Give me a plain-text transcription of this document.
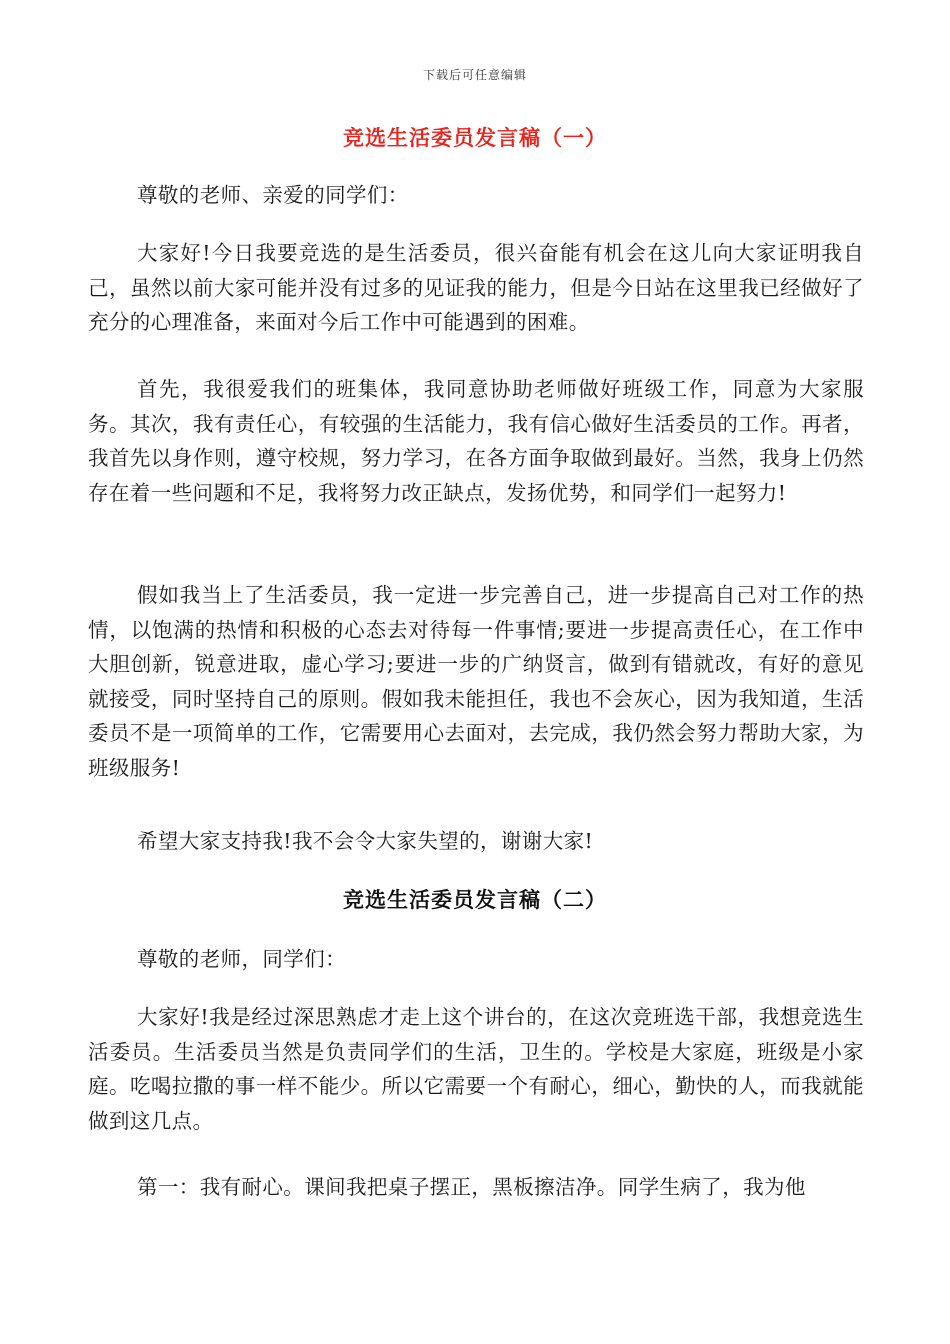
下载后可任意编辑
竞选生活委员发言稿（一）

尊敬的老师、亲爱的同学们：

大家好!今日我要竞选的是生活委员，很兴奋能有机会在这儿向大家证明我自己，虽然以前大家可能并没有过多的见证我的能力，但是今日站在这里我已经做好了充分的心理准备，来面对今后工作中可能遇到的困难。

首先，我很爱我们的班集体，我同意协助老师做好班级工作，同意为大家服务。其次，我有责任心，有较强的生活能力，我有信心做好生活委员的工作。再者，我首先以身作则，遵守校规，努力学习，在各方面争取做到最好。当然，我身上仍然存在着一些问题和不足，我将努力改正缺点，发扬优势，和同学们一起努力!

假如我当上了生活委员，我一定进一步完善自己，进一步提高自己对工作的热情，以饱满的热情和积极的心态去对待每一件事情;要进一步提高责任心，在工作中大胆创新，锐意进取，虚心学习;要进一步的广纳贤言，做到有错就改，有好的意见就接受，同时坚持自己的原则。假如我未能担任，我也不会灰心，因为我知道，生活委员不是一项简单的工作，它需要用心去面对，去完成，我仍然会努力帮助大家，为班级服务!

希望大家支持我!我不会令大家失望的，谢谢大家!

竞选生活委员发言稿（二）

尊敬的老师，同学们：

大家好!我是经过深思熟虑才走上这个讲台的，在这次竞班选干部，我想竞选生活委员。生活委员当然是负责同学们的生活，卫生的。学校是大家庭，班级是小家庭。吃喝拉撒的事一样不能少。所以它需要一个有耐心，细心，勤快的人，而我就能做到这几点。

第一：我有耐心。课间我把桌子摆正，黑板擦洁净。同学生病了，我为他
